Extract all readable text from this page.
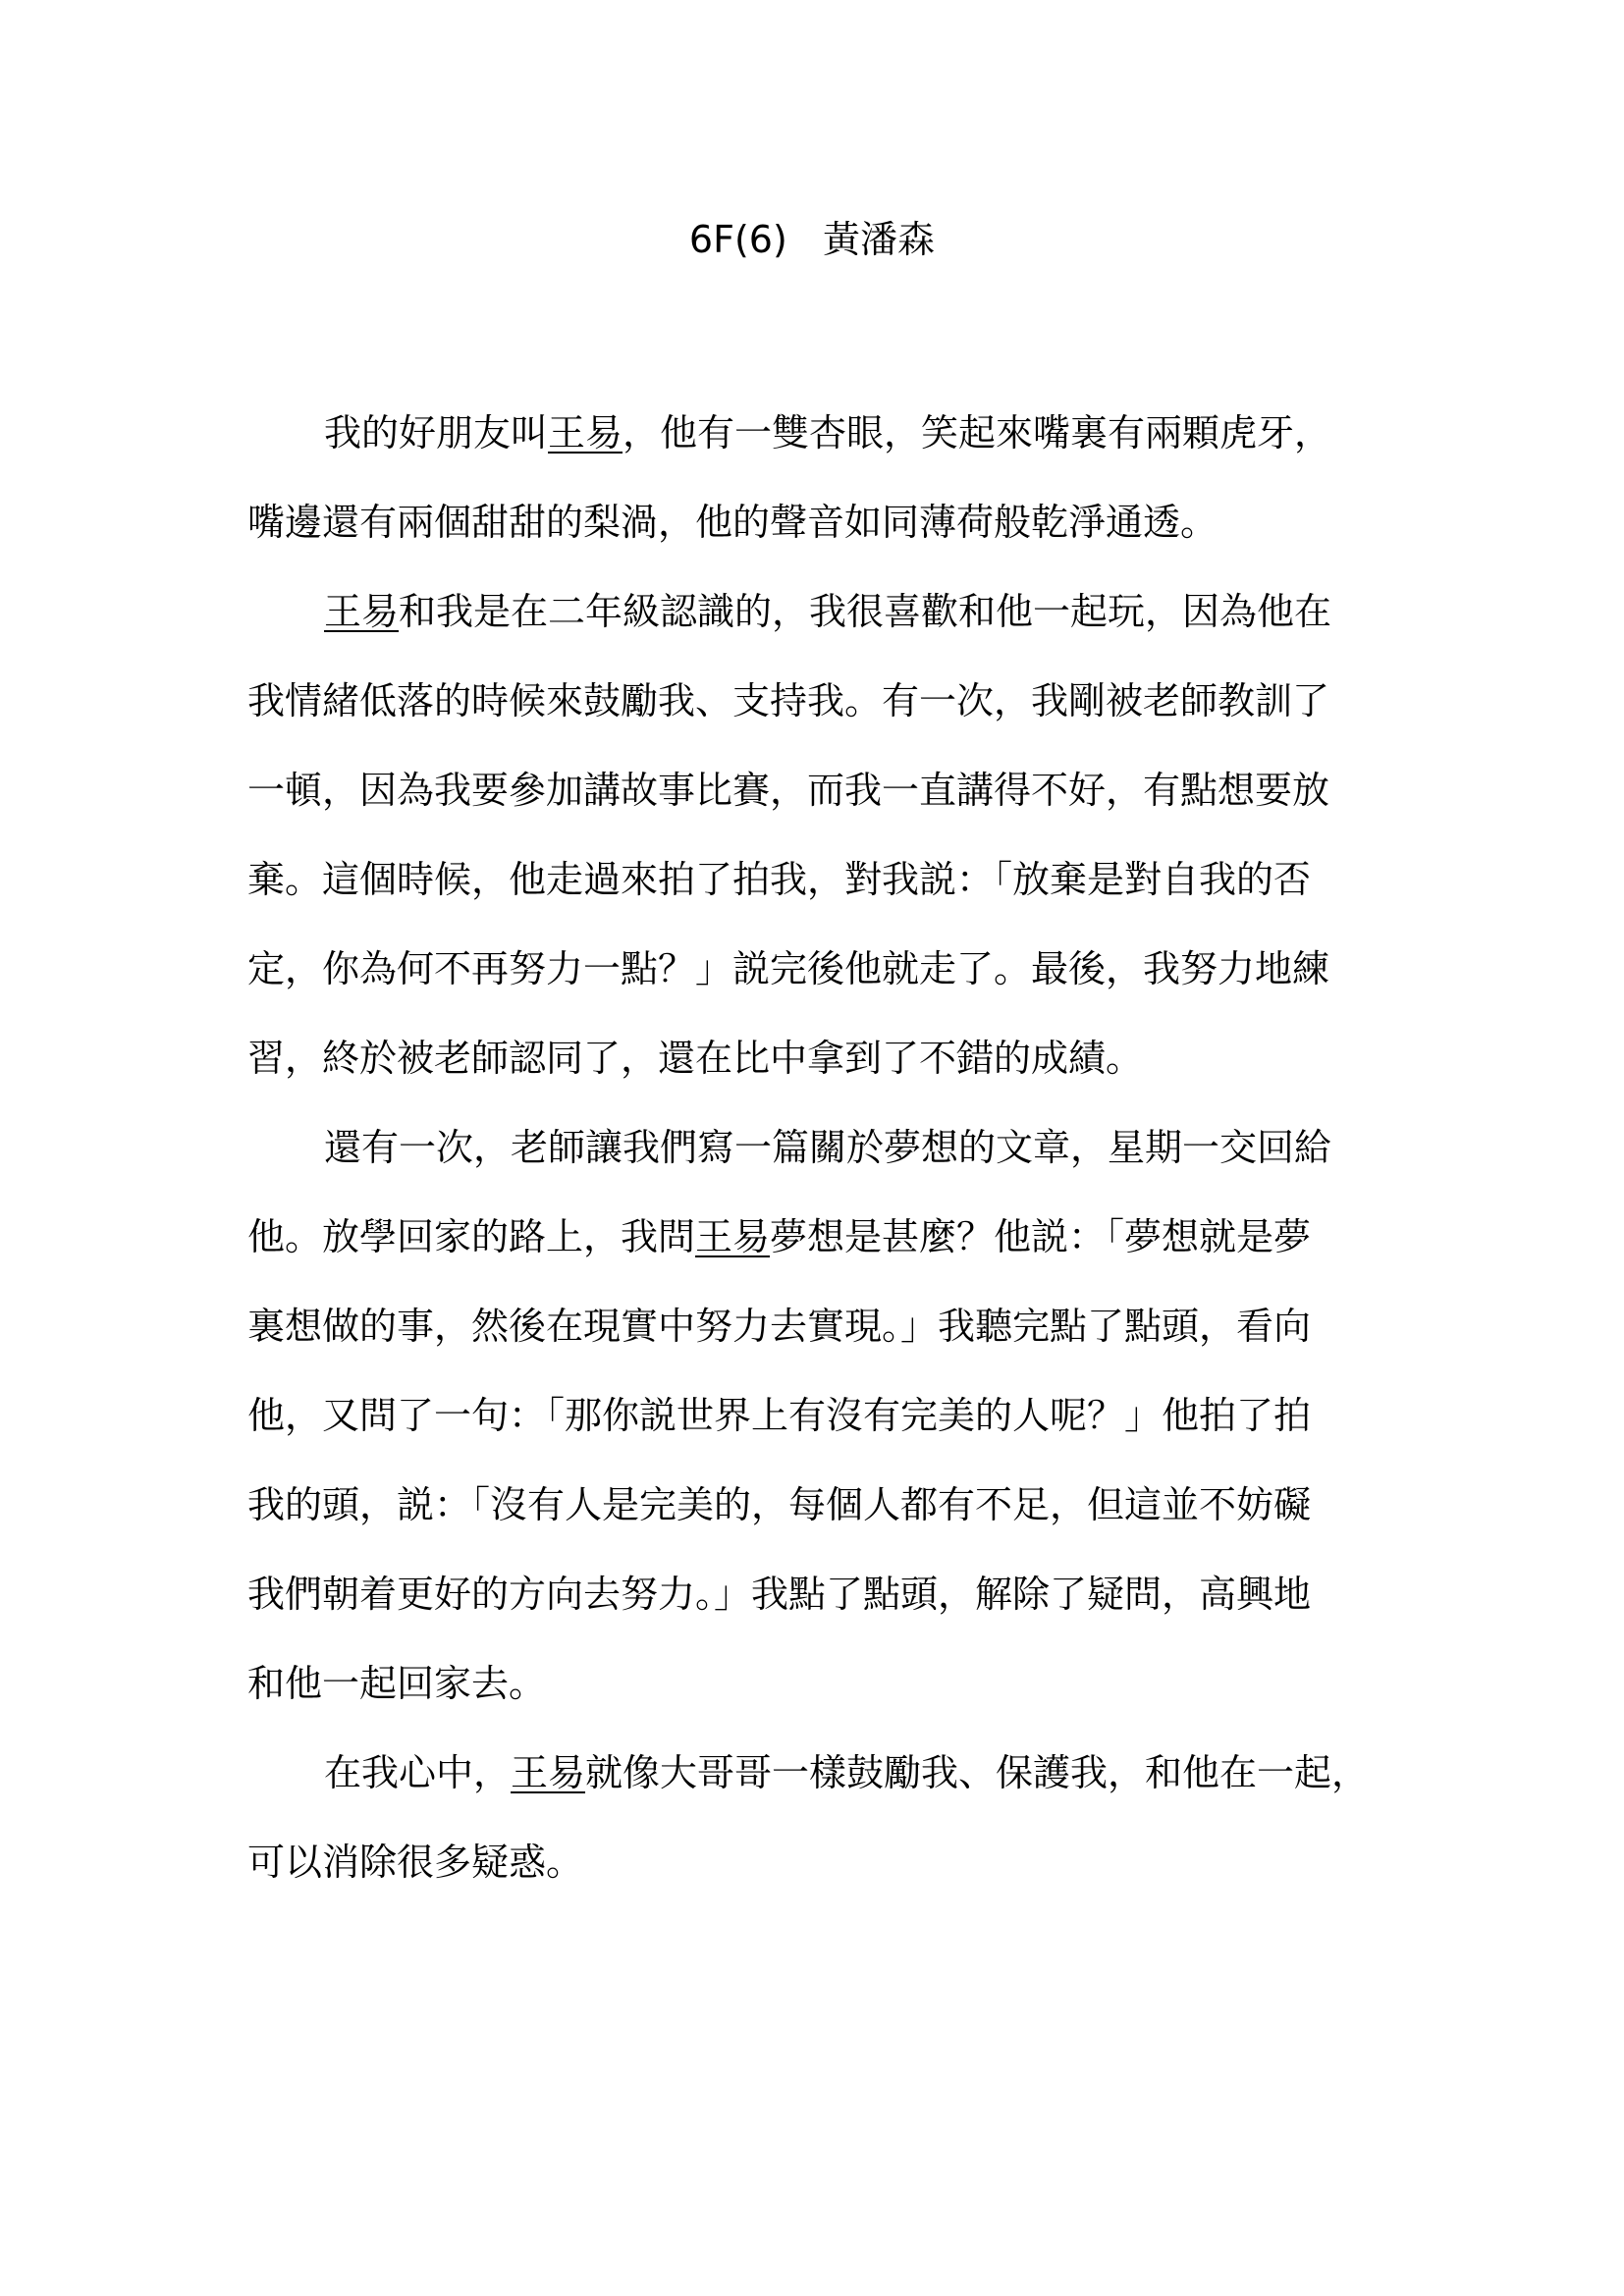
6F(6) 黃潘森
我的好朋友叫王易，他有一雙杏眼，笑起來嘴裏有兩顆虎牙，
嘴邊還有兩個甜甜的梨渦，他的聲音如同薄荷般乾淨通透。
王易和我是在二年級認識的，我很喜歡和他一起玩，因為他在
我情緒低落的時候來鼓勵我、支持我。有一次，我剛被老師教訓了
一頓，因為我要參加講故事比賽，而我一直講得不好，有點想要放
棄。這個時候，他走過來拍了拍我，對我説：「放棄是對自我的否
定，你為何不再努力一點？」説完後他就走了。最後，我努力地練
習，終於被老師認同了，還在比中拿到了不錯的成績。
還有一次，老師讓我們寫一篇關於夢想的文章，星期一交回給
他。放學回家的路上，我問王易夢想是甚麼？他説：「夢想就是夢
裏想做的事，然後在現實中努力去實現。」我聽完點了點頭，看向
他，又問了一句：「那你説世界上有沒有完美的人呢？」他拍了拍
我的頭，説：「沒有人是完美的，每個人都有不足，但這並不妨礙
我們朝着更好的方向去努力。」我點了點頭，解除了疑問，高興地
和他一起回家去。
在我心中，王易就像大哥哥一樣鼓勵我、保護我，和他在一起，
可以消除很多疑惑。
